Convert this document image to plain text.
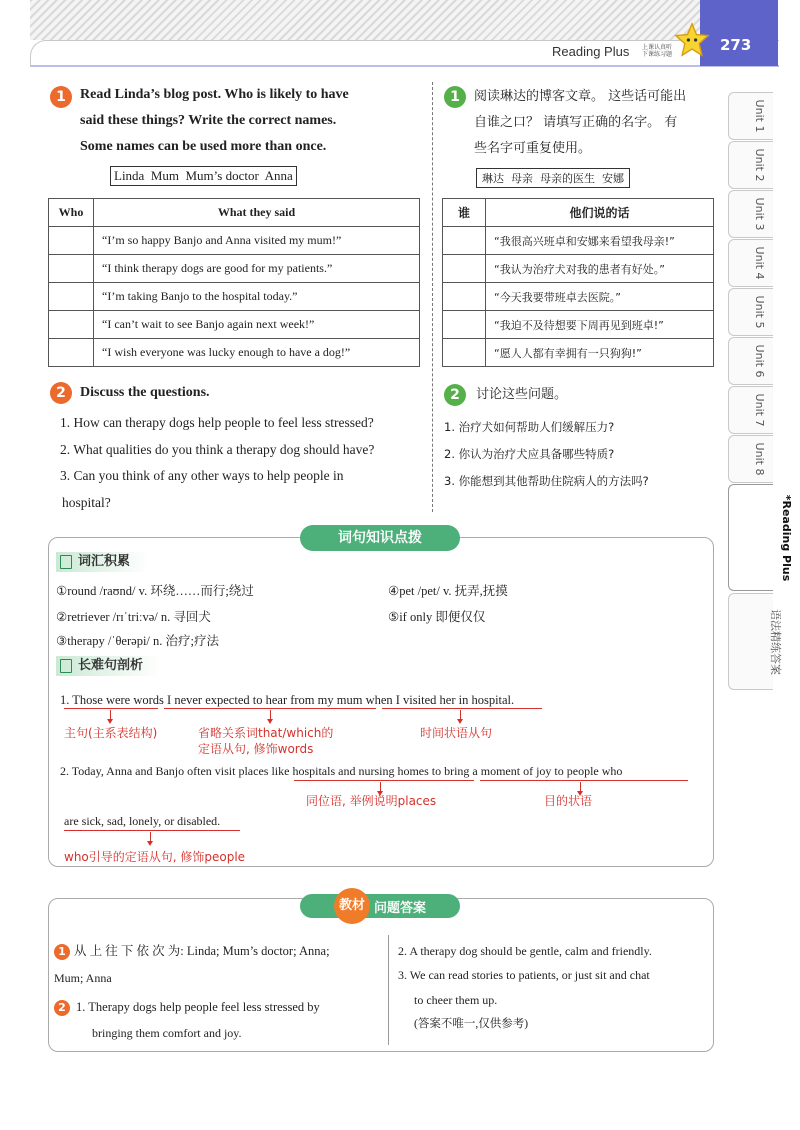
Reading Plus 上课认真听
下课练习题
273
Unit 1
Unit 2
Unit 3
Unit 4
Unit 5
Unit 6
Unit 7
Unit 8
*Reading Plus
语法精练答案
1	Read Linda’s blog post. Who is likely to have
said these things? Write the correct names.
Some names can be used more than once.
Linda  Mum  Mum’s doctor  Anna
Who	What they said
	“I’m so happy Banjo and Anna visited my mum!”
	“I think therapy dogs are good for my patients.”
	“I’m taking Banjo to the hospital today.”
	“I can’t wait to see Banjo again next week!”
	“I wish everyone was lucky enough to have a dog!”
1	阅读琳达的博客文章。 这些话可能出
自谁之口？ 请填写正确的名字。 有
些名字可重复使用。
琳达  母亲  母亲的医生  安娜
谁	他们说的话
	“我很高兴班卓和安娜来看望我母亲!”
	“我认为治疗犬对我的患者有好处。”
	“今天我要带班卓去医院。”
	“我迫不及待想要下周再见到班卓!”
	“愿人人都有幸拥有一只狗狗!”
2	Discuss the questions.
1. How can therapy dogs help people to feel less stressed?
2. What qualities do you think a therapy dog should have?
3. Can you think of any other ways to help people in
hospital?
2	讨论这些问题。
1. 治疗犬如何帮助人们缓解压力?
2. 你认为治疗犬应具备哪些特质?
3. 你能想到其他帮助住院病人的方法吗?
词句知识点拨
词汇积累
①round /raʊnd/ v. 环绕……而行;绕过
②retriever /rɪˈtriːvə/ n. 寻回犬
③therapy /ˈθerəpi/ n. 治疗;疗法
④pet /pet/ v. 抚弄,抚摸
⑤if only 即便仅仅
长难句剖析
1. Those were words I never expected to hear from my mum when I visited her in hospital.
主句(主系表结构)	省略关系词that/which的
定语从句, 修饰words
时间状语从句
2. Today, Anna and Banjo often visit places like hospitals and nursing homes to bring a moment of joy to people who
同位语, 举例说明places	目的状语
are sick, sad, lonely, or disabled.
who引导的定语从句, 修饰people
教材 问题答案
1 从 上 往 下 依 次 为: Linda; Mum’s doctor; Anna;
Mum; Anna
2 1. Therapy dogs help people feel less stressed by
bringing them comfort and joy.
2. A therapy dog should be gentle, calm and friendly.
3. We can read stories to patients, or just sit and chat
to cheer them up.
(答案不唯一,仅供参考)
